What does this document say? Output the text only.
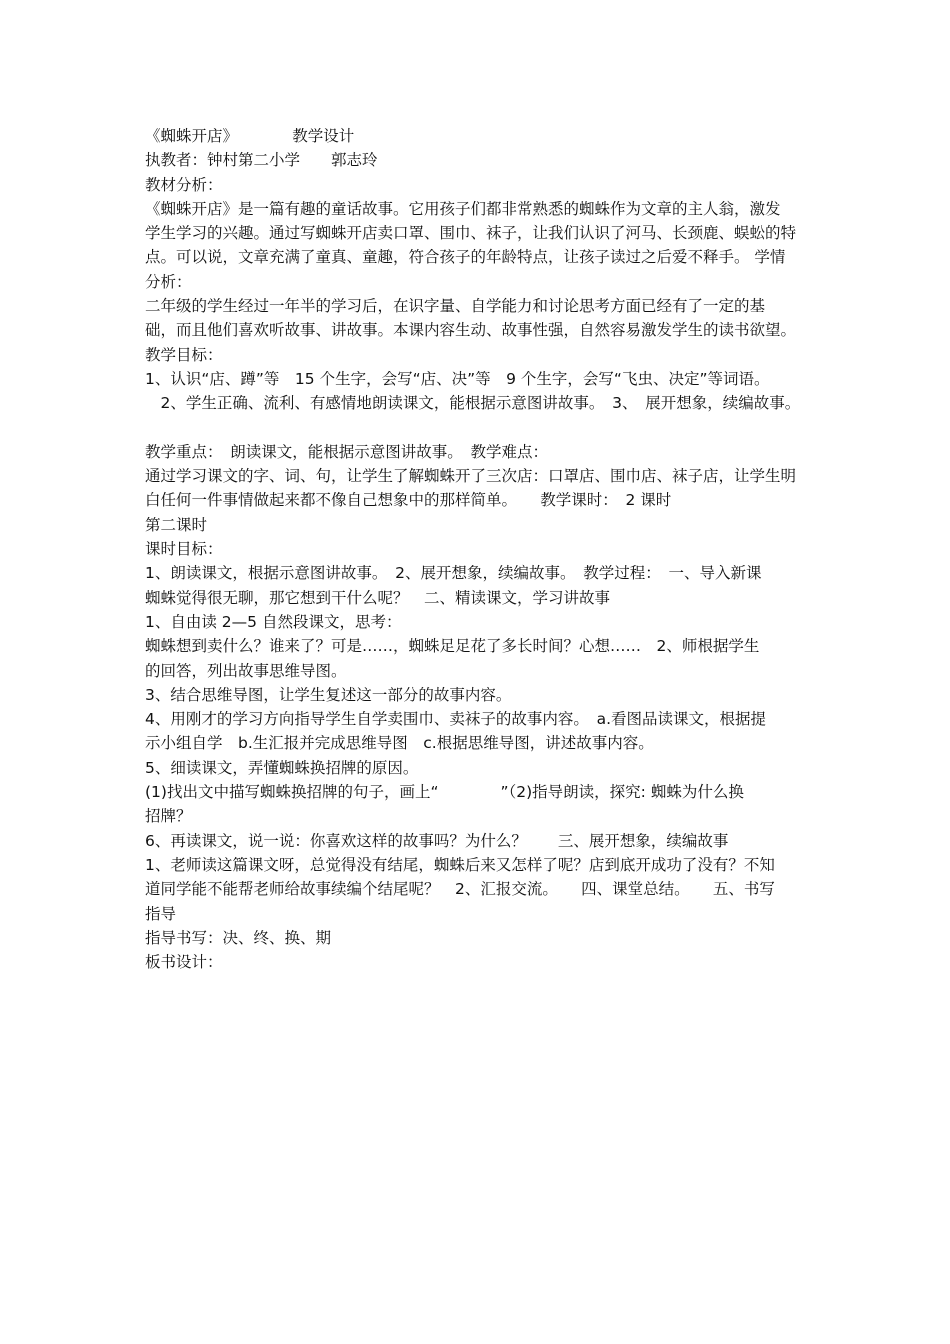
《蜘蛛开店》　　　　教学设计
执教者：钟村第二小学　　郭志玲
教材分析：
《蜘蛛开店》是一篇有趣的童话故事。它用孩子们都非常熟悉的蜘蛛作为文章的主人翁，激发
学生学习的兴趣。通过写蜘蛛开店卖口罩、围巾、袜子，让我们认识了河马、长颈鹿、蜈蚣的特
点。可以说，文章充满了童真、童趣，符合孩子的年龄特点，让孩子读过之后爱不释手。 学情
分析：
二年级的学生经过一年半的学习后，在识字量、自学能力和讨论思考方面已经有了一定的基
础，而且他们喜欢听故事、讲故事。本课内容生动、故事性强，自然容易激发学生的读书欲望。
教学目标：
1、认识“店、蹲”等　15 个生字，会写“店、决”等　9 个生字，会写“飞虫、决定”等词语。
　2、学生正确、流利、有感情地朗读课文，能根据示意图讲故事。　3、　展开想象，续编故事。
教学重点：　朗读课文，能根据示意图讲故事。　教学难点：
通过学习课文的字、词、句，让学生了解蜘蛛开了三次店：口罩店、围巾店、袜子店，让学生明
白任何一件事情做起来都不像自己想象中的那样简单。　　教学课时：　2 课时
第二课时
课时目标：
1、朗读课文，根据示意图讲故事。　2、展开想象，续编故事。　教学过程：　一、导入新课
蜘蛛觉得很无聊，那它想到干什么呢？　二、精读课文，学习讲故事
1、自由读 2—5 自然段课文，思考：
蜘蛛想到卖什么？谁来了？可是……，蜘蛛足足花了多长时间？心想……　2、师根据学生
的回答，列出故事思维导图。
3、结合思维导图，让学生复述这一部分的故事内容。
4、用刚才的学习方向指导学生自学卖围巾、卖袜子的故事内容。　a.看图品读课文，根据提
示小组自学　b.生汇报并完成思维导图　c.根据思维导图，讲述故事内容。
5、细读课文，弄懂蜘蛛换招牌的原因。
(1)找出文中描写蜘蛛换招牌的句子，画上“　　　　”（2)指导朗读，探究: 蜘蛛为什么换
招牌？
6、再读课文，说一说：你喜欢这样的故事吗？为什么？　　三、展开想象，续编故事
1、老师读这篇课文呀，总觉得没有结尾，蜘蛛后来又怎样了呢？店到底开成功了没有？不知
道同学能不能帮老师给故事续编个结尾呢？　2、汇报交流。　　四、课堂总结。　　五、书写
指导
指导书写：决、终、换、期
板书设计：
